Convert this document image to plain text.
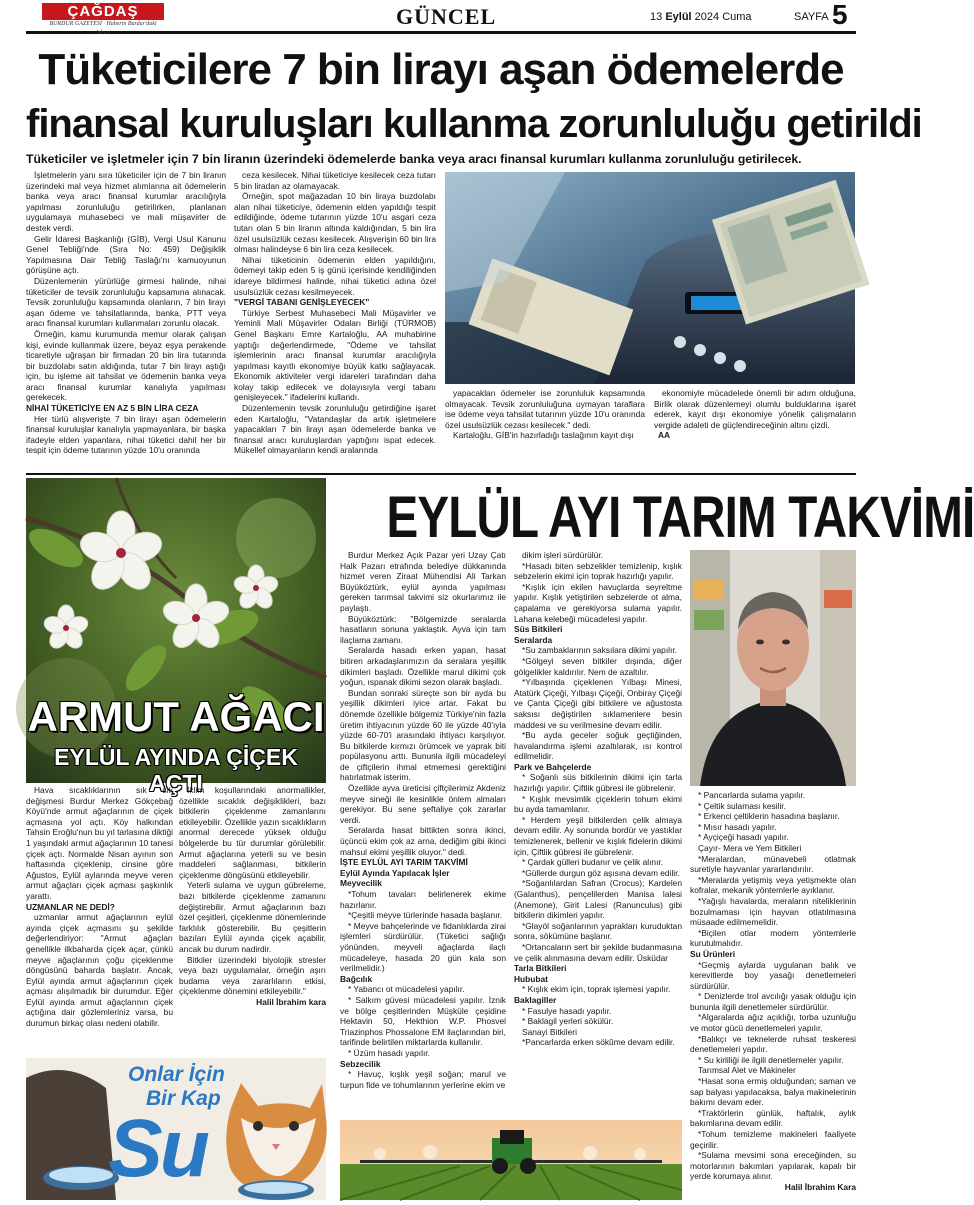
ÇAĞDAŞ
BURDUR GAZETESİ · Haberin Burdur'daki Adresi
GÜNCEL	13 Eylül 2024 Cuma	SAYFA 5
Tüketicilere 7 bin lirayı aşan ödemelerde
finansal kuruluşları kullanma zorunluluğu getirildi
Tüketiciler ve işletmeler için 7 bin liranın üzerindeki ödemelerde banka veya aracı finansal kurumları kullanma zorunluluğu getirilecek.

İşletmelerin yanı sıra tüketiciler için de 7 bin liranın üzerindeki mal veya hizmet alımlarına ait ödemelerin banka veya aracı finansal kurumlar aracılığıyla yapılması zorunluluğu getirilirken, planlanan uygulamaya muhasebeci ve mali müşavirler de destek verdi.

Gelir İdaresi Başkanlığı (GİB), Vergi Usul Kanunu Genel Tebliği'nde (Sıra No: 459) Değişiklik Yapılmasına Dair Tebliğ Taslağı'nı kamuoyunun görüşüne açtı.

Düzenlemenin yürürlüğe girmesi halinde, nihai tüketiciler de tevsik zorunluluğu kapsamına alınacak. Tevsik zorunluluğu kapsamında olanların, 7 bin lirayı aşan ödeme ve tahsilatlarında, banka, PTT veya aracı finansal kurumları kullanmaları zorunlu olacak.

Örneğin, kamu kurumunda memur olarak çalışan kişi, evinde kullanmak üzere, beyaz eşya perakende ticaretiyle uğraşan bir firmadan 20 bin lira tutarında bir buzdolabı satın aldığında, tutar 7 bin lirayı aştığı için, bu işleme ait tahsilat ve ödemenin banka veya aracı finansal kurumlar kanalıyla yapılması gerekecek.

NİHAİ TÜKETİCİYE EN AZ 5 BİN LİRA CEZA

Her türlü alışverişte 7 bin lirayı aşan ödemelerin finansal kuruluşlar kanalıyla yapmayanlara, bir başka ifadeyle elden yapanlara, nihai tüketici dahil her bir tespit için ödeme tutarının yüzde 10'u oranında

ceza kesilecek. Nihai tüketiciye kesilecek ceza tutarı 5 bin liradan az olamayacak.

Örneğin, spot mağazadan 10 bin liraya buzdolabı alan nihai tüketiciye, ödemenin elden yapıldığı tespit edildiğinde, ödeme tutarının yüzde 10'u asgari ceza tutarı olan 5 bin liranın altında kaldığından, 5 bin lira özel usulsüzlük cezası kesilecek. Alışverişin 60 bin lira olması halindeyse 6 bin lira ceza kesilecek.

Nihai tüketicinin ödemenin elden yapıldığını, ödemeyi takip eden 5 iş günü içerisinde kendiliğinden idareye bildirmesi halinde, nihai tüketici adına özel usulsüzlük cezası kesilmeyecek.

"VERGİ TABANI GENİŞLEYECEK"

Türkiye Serbest Muhasebeci Mali Müşavirler ve Yeminli Mali Müşavirler Odaları Birliği (TÜRMOB) Genel Başkanı Emre Kartaloğlu, AA muhabirine yaptığı değerlendirmede, "Ödeme ve tahsilat işlemlerinin aracı finansal kurumlar aracılığıyla yapılması kayıtlı ekonomiye büyük katkı sağlayacak. Ekonomik aktiviteler vergi idareleri tarafından daha kolay takip edilecek ve dolayısıyla vergi tabanı genişleyecek." ifadelerini kullandı.

Düzenlemenin tevsik zorunluluğu getirdiğine işaret eden Kartaloğlu, "Vatandaşlar da artık işletmelere yapacakları 7 bin lirayı aşan ödemelerde banka ve finansal aracı kuruluşlardan yaptığını ispat edecek. Mükellef olmayanların kendi aralarında

yapacakları ödemeler ise zorunluluk kapsamında olmayacak. Tevsik zorunluluğuna uymayan taraflara ise ödeme veya tahsilat tutarının yüzde 10'u oranında özel usulsüzlük cezası kesilecek." dedi.

Kartaloğlu, GİB'in hazırladığı taslağının kayıt dışı

ekonomiyle mücadelede önemli bir adım olduğuna, Birlik olarak düzenlemeyi olumlu bulduklarına işaret ederek, kayıt dışı ekonomiye yönelik çalışmaların vergide adaleti de güçlendireceğinin altını çizdi.

AA

ARMUT AĞACI
EYLÜL AYINDA ÇİÇEK AÇTI

Hava sıcaklıklarının sık sık değişmesi Burdur Merkez Gökçebağ Köyü'nde armut ağaçlarının de çiçek açmasına yol açtı. Köy halkından Tahsin Eroğlu'nun bu yıl tarlasına diktiği 1 yaşındaki armut ağaçlarının 10 tanesi çiçek açtı. Normalde Nisan ayının son haftasında çiçeklenip, cinsine göre Ağustos, Eylül aylarında meyve veren armut ağaçları çiçek açması şaşkınlık yarattı.

UZMANLAR NE DEDİ?

uzmanlar armut ağaçlarının eylül ayında çiçek açmasını şu şekilde değerlendiriyor: "Armut ağaçları genellikle ilkbaharda çiçek açar, çünkü meyve ağaçlarının çoğu çiçeklenme döngüsünü baharda başlatır. Ancak, Eylül ayında armut ağaçlarının çiçek açması alışılmadık bir durumdur. Eğer Eylül ayında armut ağaçlarının çiçek açtığına dair gözlemleriniz varsa, bu durumun birkaç olası nedeni olabilir.

İklim koşullarındaki anormallikler, özellikle sıcaklık değişiklikleri, bazı bitkilerin çiçeklenme zamanlarını etkileyebilir. Özellikle yazın sıcaklıkların anormal derecede yüksek olduğu bölgelerde bu tür durumlar görülebilir. Armut ağaçlarına yeterli su ve besin maddeleri sağlanması, bitkilerin çiçeklenme döngüsünü etkileyebilir.

Yeterli sulama ve uygun gübreleme, bazı bitkilerde çiçeklenme zamanını değiştirebilir. Armut ağaçlarının bazı özel çeşitleri, çiçeklenme dönemlerinde farklılık gösterebilir. Bu çeşitlerin bazıları Eylül ayında çiçek açabilir, ancak bu durum nadirdir.

Bitkiler üzerindeki biyolojik stresler veya bazı uygulamalar, örneğin aşırı budama veya zararlıların etkisi, çiçeklenme dönemini etkileyebilir."

Halil İbrahim kara

Onlar İçin
Bir Kap
Su
EYLÜL AYI TARIM TAKVİMİ

Burdur Merkez Açık Pazar yeri Uzay Çatı Halk Pazarı etrafında belediye dükkanında hizmet veren Ziraat Mühendisi Ali Tarkan Büyüköztürk, eylül ayında yapılması gereken tarımsal takvimi siz okurlarımız ile paylaştı.

Büyüköztürk: "Bölgemizde seralarda hasatların sonuna yaklaştık. Ayva için tam ilaçlama zamanı.

Seralarda hasadı erken yapan, hasat bitiren arkadaşlarımızın da seralara yeşillik dikimleri başladı. Özellikle marul dikimi çok yoğun, ıspanak dikimi sezon olarak başladı.

Bundan sonraki süreçte son bir ayda bu yeşillik dikimleri iyice artar. Fakat bu dönemde özellikle bölgemiz Türkiye'nin fazla üretim ihtiyacının yüzde 60 ile yüzde 40'ıyla yüzde 60-70'i arasındaki ihtiyacı karşılıyor. Bu bitkilerde kırmızı örümcek ve yaprak biti popülasyonu arttı. Bununla ilgili mücadeleyi de çiftçilerin ihmal etmemesi gerektiğini hatırlatmak isterim.

Özellikle ayva üreticisi çiftçilerimiz Akdeniz meyve sineği ile kesinlikle önlem almaları gerekiyor. Bu sene şeftaliye çok zararlar verdi.

Seralarda hasat bittikten sonra ikinci, üçüncü ekim çok az arna, dediğim gibi ikinci mahsul ekimi yeşillik oluyor." dedi.

İŞTE EYLÜL AYI TARIM TAKVİMİ

Eylül Ayında Yapılacak İşler

Meyvecilik

*Tohum tavaları belirlenerek ekime hazırlanır.

*Çeşitli meyve türlerinde hasada başlanır.

* Meyve bahçelerinde ve fidanlıklarda zirai işlemleri sürdürülür. (Tüketici sağlığı yönünden, meyveli ağaçlarda ilaçlı mücadeleye, hasada 20 gün kala son verilmelidir.)

Bağcılık

* Yabancı ot mücadelesi yapılır.

* Salkım güvesi mücadelesi yapılır. İznik ve bölge çeşitlerinden Müşküle çeşidine Hektavin 50, Hekthion W.P. Phosvel Triazinphos Phossalone EM ilaçlarından biri, tarifinde belirtilen miktarlarda kullanılır.

* Üzüm hasadı yapılır.

Sebzecilik

* Havuç, kışlık yeşil soğan; marul ve turpun fide ve tohumlarının yerlerine ekim ve

dikim işleri sürdürülür.

*Hasadı biten sebzelikler temizlenip, kışlık sebzelerin ekimi için toprak hazırlığı yapılır.

*Kışlık için ekilen havuçlarda seyreltme yapılır. Kışlık yetiştirilen sebzelerde ot alma, çapalama ve gerekiyorsa sulama yapılır. Lahana kelebeği mücadelesi yapılır.

Süs Bitkileri

Seralarda

*Su zambaklarının saksılara dikimi yapılır.

*Gölgeyi seven bitkiler dışında, diğer gölgelikler kaldırılır. Nem de azaltılır.

*Yılbaşında çiçeklenen Yılbaşı Minesi, Atatürk Çiçeği, Yılbaşı Çiçeği, Onbiray Çiçeği ve Çanta Çiçeği gibi bitkilere ve ağustosta saksısı değiştirilen sıklamenlere besin maddesi ve su verilmesine devam edilir.

*Bu ayda geceler soğuk geçtiğinden, havalandırma işlemi azaltılarak, ısı kontrol edilmelidir.

Park ve Bahçelerde

* Soğanlı süs bitkilerinin dikimi için tarla hazırlığı yapılır. Çiftlik gübresi ile gübrelenir.

* Kışlık mevsimlik çiçeklerin tohum ekimi bu ayda tamamlanır.

* Herdem yeşil bitkilerden çelik almaya devam edilir. Ay sonunda bordür ve yastıklar temizlenerek, bellenir ve kışlık fidelerin dikimi için, Çiftlik gübresi ile gübrelenir.

* Çardak gülleri budanır ve çelik alınır.

*Güllerde durgun göz aşısına devam edilir.

*Soğanlılardan Safran (Crocus); Kardelen (Galanthus), pençelilerden Manisa lalesi (Anemone), Girit Lalesi (Ranunculus) gibi bitkilerin dikimleri yapılır.

*Glayöl soğanlarının yaprakları kuruduktan sonra, sökümüne başlanır.

*Ortancaların sert bir şekilde budanmasına ve çelik alınmasına devam edilir. Üsküdar

Tarla Bitkileri

Hububat

* Kışlık ekim için, toprak işlemesi yapılır.

Baklagiller

* Fasulye hasadı yapılır.

* Baklagil yerleri sökülür.

Sanayi Bitkileri

*Pancarlarda erken sökûme devam edilir.

* Pancarlarda sulama yapılır.

* Çeltik sulaması kesilir.

* Erkenci çeltiklerin hasadına başlanır.

* Mısır hasadı yapılır.

* Ayçiçeği hasadı yapılır.

Çayır- Mera ve Yem Bitkileri

*Meralardan, münavebeli otlatmak suretiyle hayvanlar yararlandırılır.

*Meralarda yetişmiş veya yetişmekte olan kofralar, mekanik yöntemlerle ayıklanır.

*Yağışlı havalarda, meraların niteliklerinin bozulmaması için hayvan otlatılmasına müsaade edilmemelidir.

*Biçilen otlar modern yöntemlerle kurutulmalıdır.

Su Ürünleri

*Geçmiş aylarda uygulanan balık ve kerevitlerde boy yasağı denetlemeleri sürdürülür.

* Denizlerde trol avcılığı yasak olduğu için bununla ilgili denetlemeler sürdürülür.

*Algaralarda ağız açıklığı, torba uzunluğu ve motor gücü denetlemeleri yapılır.

*Balıkçı ve teknelerde ruhsat teskeresi denetlemeleri yapılır.

* Su kirliliği ile ilgili denetlemeler yapılır.

Tarımsal Alet ve Makineler

*Hasat sona ermiş olduğundan; saman ve sap balyası yapılacaksa, balya makinelerinin bakımı devam eder.

*Traktörlerin günlük, haftalık, aylık bakımlarına devam edilir.

*Tohum temizleme makineleri faaliyete geçirilir.

*Sulama mevsimi sona ereceğinden, su motorlarının bakımları yapılarak, kapalı bir yerde korumaya alınır.

Halil İbrahim Kara
